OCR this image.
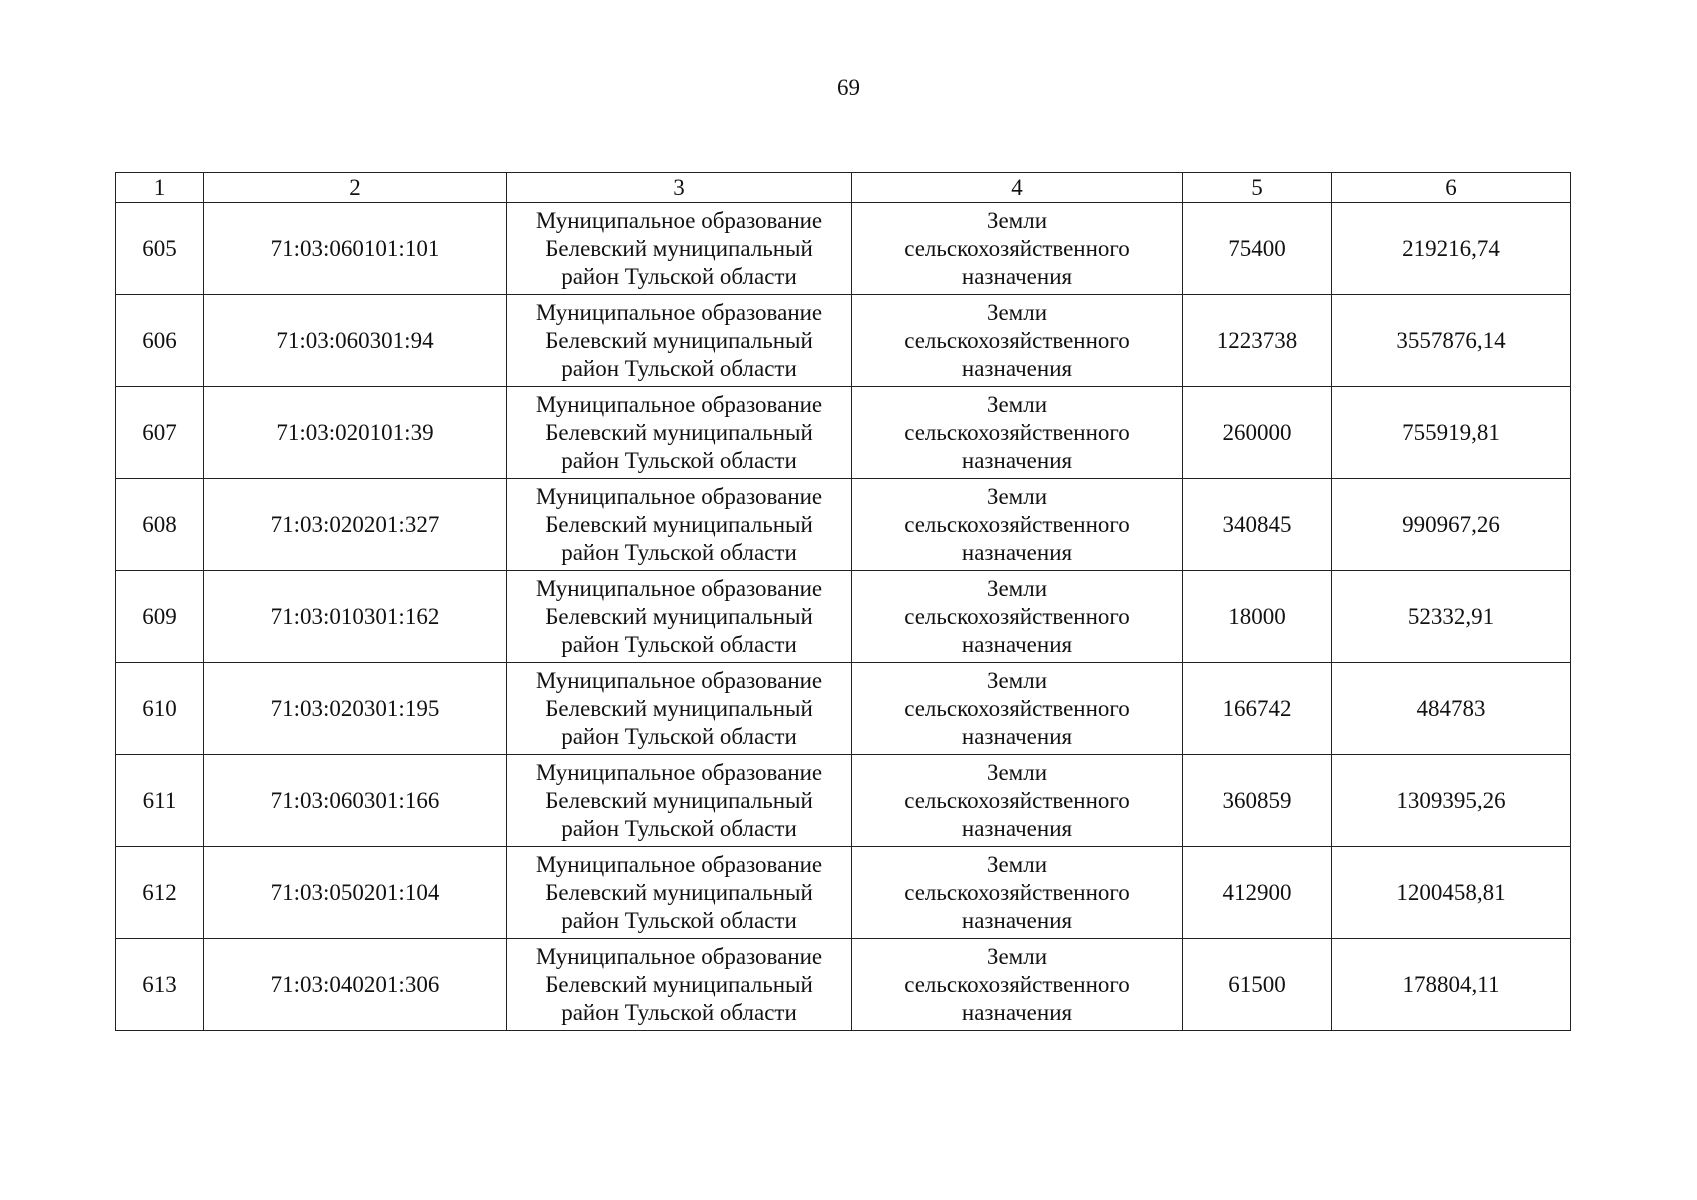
69
1	2	3	4	5	6
605	71:03:060101:101	Муниципальное образование
Белевский муниципальный
район Тульской области	Земли
сельскохозяйственного
назначения	75400	219216,74
606	71:03:060301:94	Муниципальное образование
Белевский муниципальный
район Тульской области	Земли
сельскохозяйственного
назначения	1223738	3557876,14
607	71:03:020101:39	Муниципальное образование
Белевский муниципальный
район Тульской области	Земли
сельскохозяйственного
назначения	260000	755919,81
608	71:03:020201:327	Муниципальное образование
Белевский муниципальный
район Тульской области	Земли
сельскохозяйственного
назначения	340845	990967,26
609	71:03:010301:162	Муниципальное образование
Белевский муниципальный
район Тульской области	Земли
сельскохозяйственного
назначения	18000	52332,91
610	71:03:020301:195	Муниципальное образование
Белевский муниципальный
район Тульской области	Земли
сельскохозяйственного
назначения	166742	484783
611	71:03:060301:166	Муниципальное образование
Белевский муниципальный
район Тульской области	Земли
сельскохозяйственного
назначения	360859	1309395,26
612	71:03:050201:104	Муниципальное образование
Белевский муниципальный
район Тульской области	Земли
сельскохозяйственного
назначения	412900	1200458,81
613	71:03:040201:306	Муниципальное образование
Белевский муниципальный
район Тульской области	Земли
сельскохозяйственного
назначения	61500	178804,11
